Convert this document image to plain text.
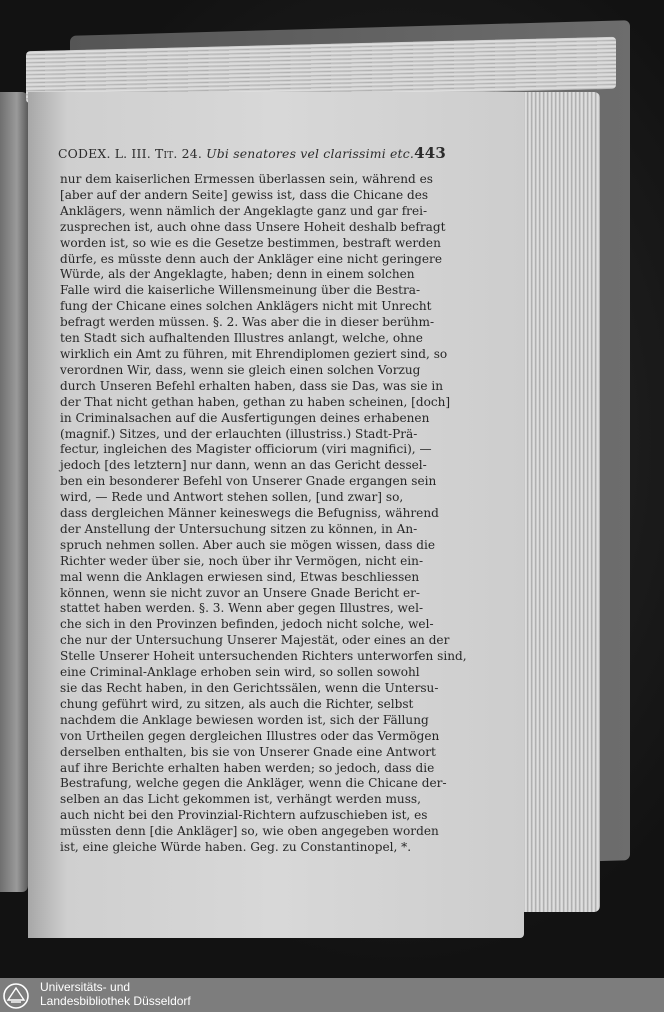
CODEX. L. III. Tit. 24. Ubi senatores vel clarissimi etc. 443
nur dem kaiserlichen Ermessen überlassen sein, während es
[aber auf der andern Seite] gewiss ist, dass die Chicane des
Anklägers, wenn nämlich der Angeklagte ganz und gar frei-
zusprechen ist, auch ohne dass Unsere Hoheit deshalb befragt
worden ist, so wie es die Gesetze bestimmen, bestraft werden
dürfe, es müsste denn auch der Ankläger eine nicht geringere
Würde, als der Angeklagte, haben; denn in einem solchen
Falle wird die kaiserliche Willensmeinung über die Bestra-
fung der Chicane eines solchen Anklägers nicht mit Unrecht
befragt werden müssen. §. 2. Was aber die in dieser berühm-
ten Stadt sich aufhaltenden Illustres anlangt, welche, ohne
wirklich ein Amt zu führen, mit Ehrendiplomen geziert sind, so
verordnen Wir, dass, wenn sie gleich einen solchen Vorzug
durch Unseren Befehl erhalten haben, dass sie Das, was sie in
der That nicht gethan haben, gethan zu haben scheinen, [doch]
in Criminalsachen auf die Ausfertigungen deines erhabenen
(magnif.) Sitzes, und der erlauchten (illustriss.) Stadt-Prä-
fectur, ingleichen des Magister officiorum (viri magnifici), —
jedoch [des letztern] nur dann, wenn an das Gericht dessel-
ben ein besonderer Befehl von Unserer Gnade ergangen sein
wird, — Rede und Antwort stehen sollen, [und zwar] so,
dass dergleichen Männer keineswegs die Befugniss, während
der Anstellung der Untersuchung sitzen zu können, in An-
spruch nehmen sollen. Aber auch sie mögen wissen, dass die
Richter weder über sie, noch über ihr Vermögen, nicht ein-
mal wenn die Anklagen erwiesen sind, Etwas beschliessen
können, wenn sie nicht zuvor an Unsere Gnade Bericht er-
stattet haben werden. §. 3. Wenn aber gegen Illustres, wel-
che sich in den Provinzen befinden, jedoch nicht solche, wel-
che nur der Untersuchung Unserer Majestät, oder eines an der
Stelle Unserer Hoheit untersuchenden Richters unterworfen sind,
eine Criminal-Anklage erhoben sein wird, so sollen sowohl
sie das Recht haben, in den Gerichtssälen, wenn die Untersu-
chung geführt wird, zu sitzen, als auch die Richter, selbst
nachdem die Anklage bewiesen worden ist, sich der Fällung
von Urtheilen gegen dergleichen Illustres oder das Vermögen
derselben enthalten, bis sie von Unserer Gnade eine Antwort
auf ihre Berichte erhalten haben werden; so jedoch, dass die
Bestrafung, welche gegen die Ankläger, wenn die Chicane der-
selben an das Licht gekommen ist, verhängt werden muss,
auch nicht bei den Provinzial-Richtern aufzuschieben ist, es
müssten denn [die Ankläger] so, wie oben angegeben worden
ist, eine gleiche Würde haben. Geg. zu Constantinopel, *.
Universitäts- und
Landesbibliothek Düsseldorf
